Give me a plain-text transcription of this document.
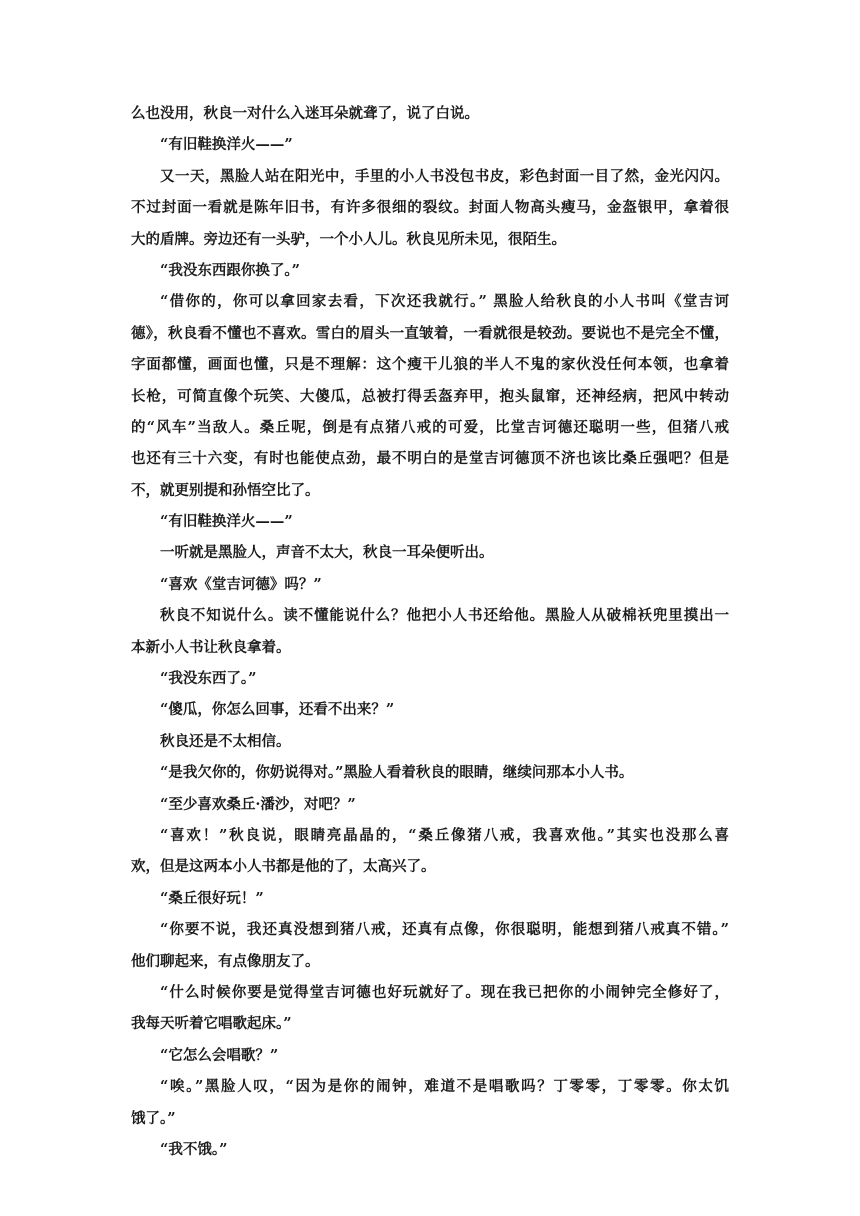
么也没用，秋良一对什么入迷耳朵就聋了，说了白说。
“有旧鞋换洋火——”
又一天，黑脸人站在阳光中，手里的小人书没包书皮，彩色封面一目了然，金光闪闪。
不过封面一看就是陈年旧书，有许多很细的裂纹。封面人物高头瘦马，金盔银甲，拿着很
大的盾牌。旁边还有一头驴，一个小人儿。秋良见所未见，很陌生。
“我没东西跟你换了。”
“借你的，你可以拿回家去看，下次还我就行。” 黑脸人给秋良的小人书叫《堂吉诃
德》，秋良看不懂也不喜欢。雪白的眉头一直皱着，一看就很是较劲。要说也不是完全不懂，
字面都懂，画面也懂，只是不理解：这个瘦干儿狼的半人不鬼的家伙没任何本领，也拿着
长枪，可简直像个玩笑、大傻瓜，总被打得丢盔弃甲，抱头鼠窜，还神经病，把风中转动
的“风车”当敌人。桑丘呢，倒是有点猪八戒的可爱，比堂吉诃德还聪明一些，但猪八戒
也还有三十六变，有时也能使点劲，最不明白的是堂吉诃德顶不济也该比桑丘强吧？但是
不，就更别提和孙悟空比了。
“有旧鞋换洋火——”
一听就是黑脸人，声音不太大，秋良一耳朵便听出。
“喜欢《堂吉诃德》吗？”
秋良不知说什么。读不懂能说什么？他把小人书还给他。黑脸人从破棉袄兜里摸出一
本新小人书让秋良拿着。
“我没东西了。”
“傻瓜，你怎么回事，还看不出来？”
秋良还是不太相信。
“是我欠你的，你奶说得对。”黑脸人看着秋良的眼睛，继续问那本小人书。
“至少喜欢桑丘·潘沙，对吧？”
“喜欢！”秋良说，眼睛亮晶晶的，“桑丘像猪八戒，我喜欢他。”其实也没那么喜
欢，但是这两本小人书都是他的了，太高兴了。
“桑丘很好玩！”
“你要不说，我还真没想到猪八戒，还真有点像，你很聪明，能想到猪八戒真不错。”
他们聊起来，有点像朋友了。
“什么时候你要是觉得堂吉诃德也好玩就好了。现在我已把你的小闹钟完全修好了，
我每天听着它唱歌起床。”
“它怎么会唱歌？”
“唉。”黑脸人叹，“因为是你的闹钟，难道不是唱歌吗？丁零零，丁零零。你太饥
饿了。”
“我不饿。”
